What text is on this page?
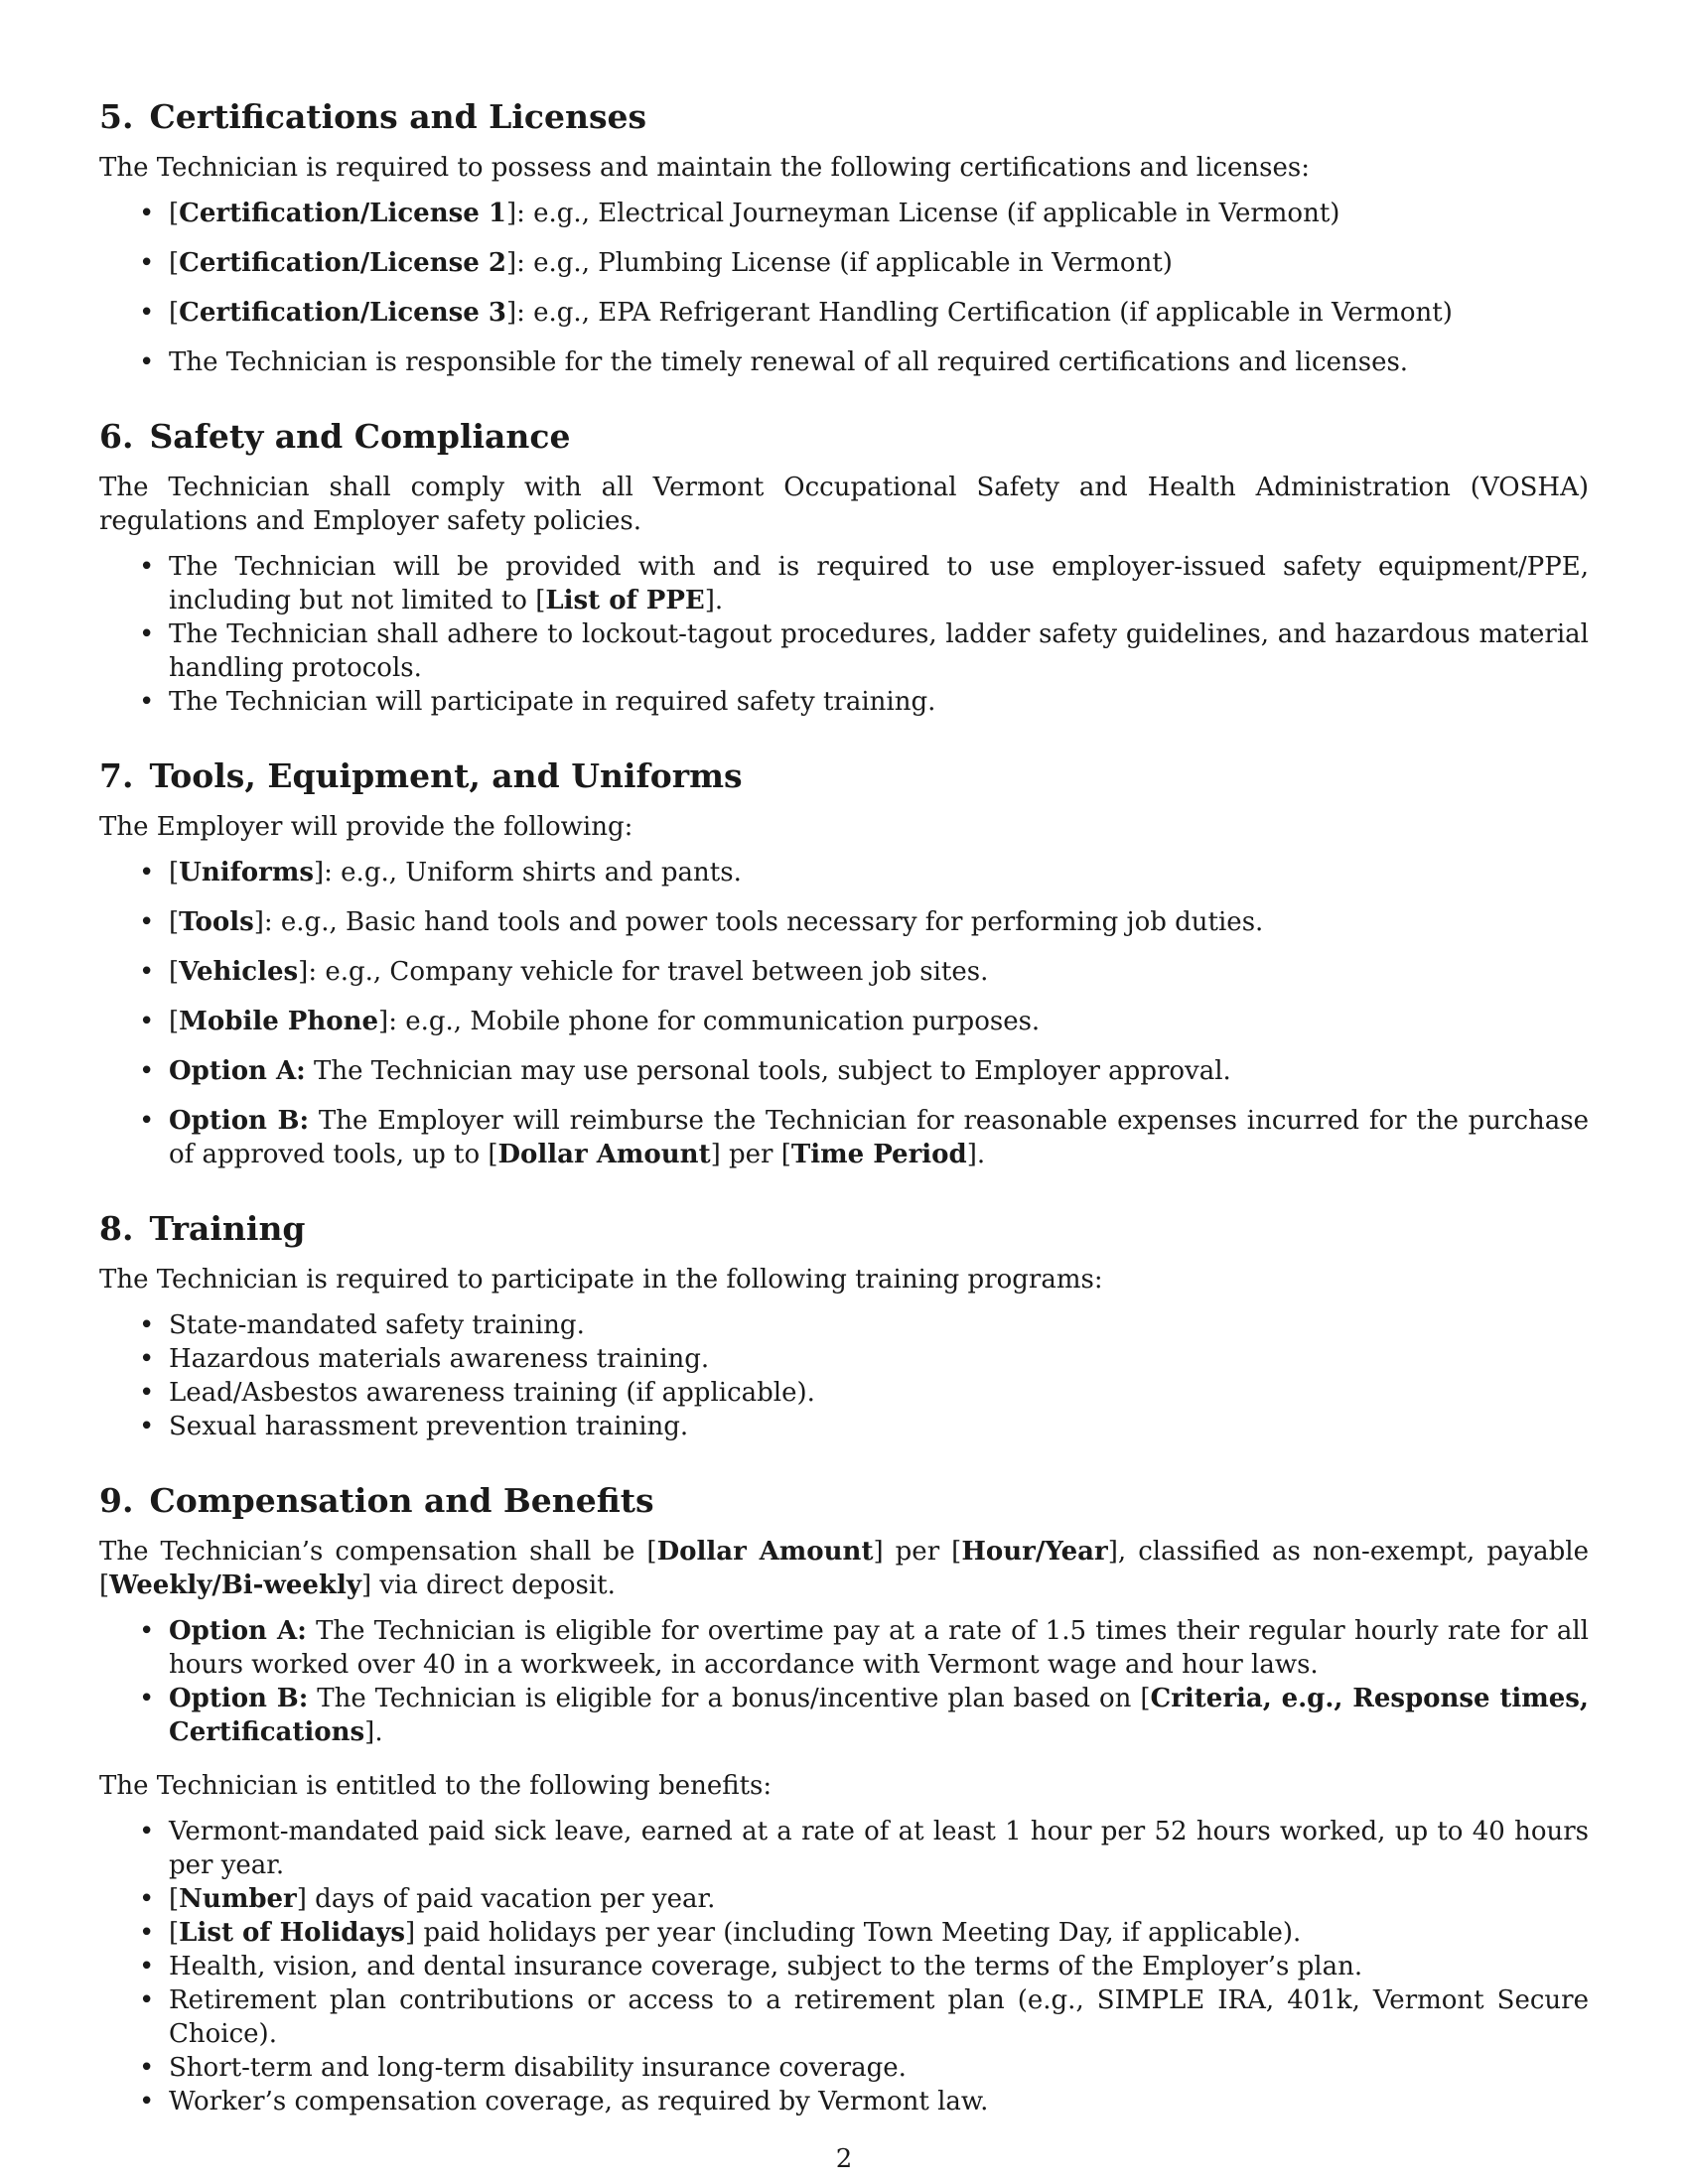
5. Certifications and Licenses

The Technician is required to possess and maintain the following certifications and licenses:

• [Certification/License 1]: e.g., Electrical Journeyman License (if applicable in Vermont)
• [Certification/License 2]: e.g., Plumbing License (if applicable in Vermont)
• [Certification/License 3]: e.g., EPA Refrigerant Handling Certification (if applicable in Vermont)
• The Technician is responsible for the timely renewal of all required certifications and licenses.
6. Safety and Compliance

The Technician shall comply with all Vermont Occupational Safety and Health Administration (VOSHA) regulations and Employer safety policies.

• The Technician will be provided with and is required to use employer-issued safety equipment/PPE, including but not limited to [List of PPE].
• The Technician shall adhere to lockout-tagout procedures, ladder safety guidelines, and hazardous material handling protocols.
• The Technician will participate in required safety training.
7. Tools, Equipment, and Uniforms

The Employer will provide the following:

• [Uniforms]: e.g., Uniform shirts and pants.
• [Tools]: e.g., Basic hand tools and power tools necessary for performing job duties.
• [Vehicles]: e.g., Company vehicle for travel between job sites.
• [Mobile Phone]: e.g., Mobile phone for communication purposes.
• Option A: The Technician may use personal tools, subject to Employer approval.
• Option B: The Employer will reimburse the Technician for reasonable expenses incurred for the purchase of approved tools, up to [Dollar Amount] per [Time Period].
8. Training

The Technician is required to participate in the following training programs:

• State-mandated safety training.
• Hazardous materials awareness training.
• Lead/Asbestos awareness training (if applicable).
• Sexual harassment prevention training.
9. Compensation and Benefits

The Technician’s compensation shall be [Dollar Amount] per [Hour/Year], classified as non-exempt, payable [Weekly/Bi-weekly] via direct deposit.

• Option A: The Technician is eligible for overtime pay at a rate of 1.5 times their regular hourly rate for all hours worked over 40 in a workweek, in accordance with Vermont wage and hour laws.
• Option B: The Technician is eligible for a bonus/incentive plan based on [Criteria, e.g., Response times, Certifications].

The Technician is entitled to the following benefits:

• Vermont-mandated paid sick leave, earned at a rate of at least 1 hour per 52 hours worked, up to 40 hours per year.
• [Number] days of paid vacation per year.
• [List of Holidays] paid holidays per year (including Town Meeting Day, if applicable).
• Health, vision, and dental insurance coverage, subject to the terms of the Employer’s plan.
• Retirement plan contributions or access to a retirement plan (e.g., SIMPLE IRA, 401k, Vermont Secure Choice).
• Short-term and long-term disability insurance coverage.
• Worker’s compensation coverage, as required by Vermont law.
2
